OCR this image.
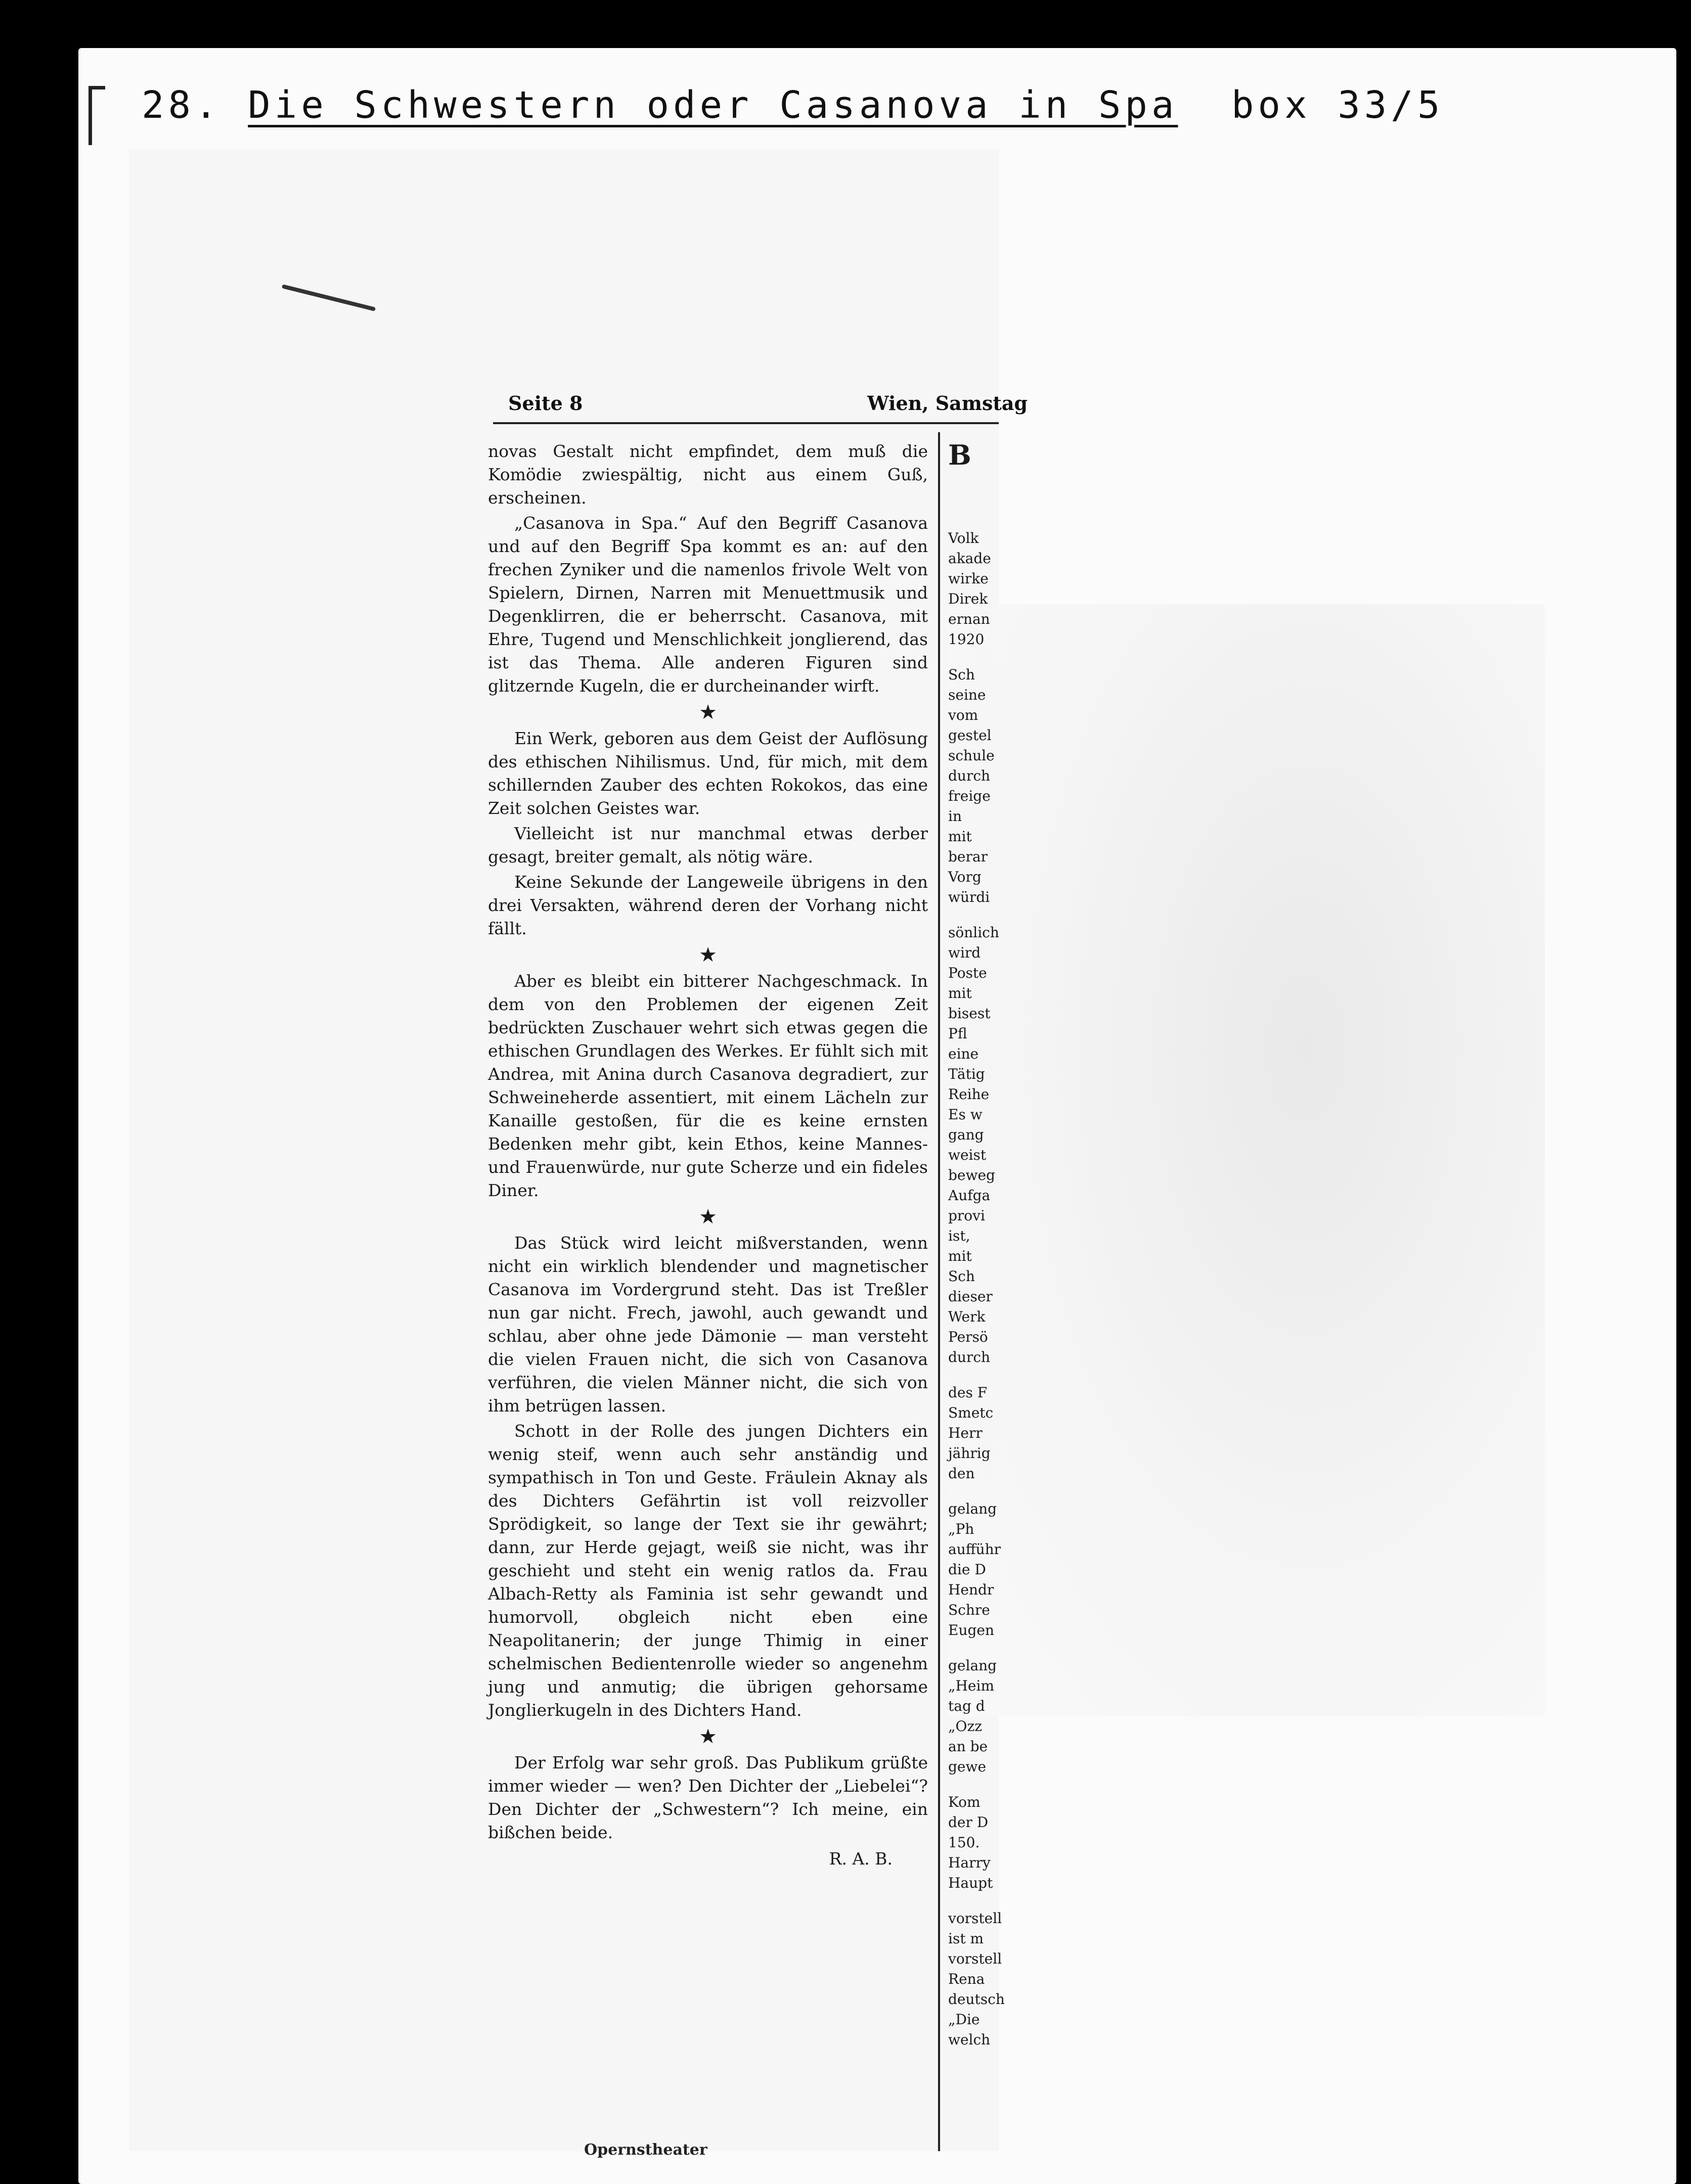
28. Die Schwestern oder Casanova in Spa box 33/5
Seite 8	Wien, Samstag

novas Gestalt nicht empfindet, dem muß die Komödie zwiespältig, nicht aus einem Guß, erscheinen.

„Casanova in Spa.“ Auf den Begriff Casanova und auf den Begriff Spa kommt es an: auf den frechen Zyniker und die namenlos frivole Welt von Spielern, Dirnen, Narren mit Menuettmusik und Degenklirren, die er beherrscht. Casanova, mit Ehre, Tugend und Menschlichkeit jonglierend, das ist das Thema. Alle anderen Figuren sind glitzernde Kugeln, die er durcheinander wirft.

★

Ein Werk, geboren aus dem Geist der Auflösung des ethischen Nihilismus. Und, für mich, mit dem schillernden Zauber des echten Rokokos, das eine Zeit solchen Geistes war.

Vielleicht ist nur manchmal etwas derber gesagt, breiter gemalt, als nötig wäre.

Keine Sekunde der Langeweile übrigens in den drei Versakten, während deren der Vorhang nicht fällt.

★

Aber es bleibt ein bitterer Nachgeschmack. In dem von den Problemen der eigenen Zeit bedrückten Zuschauer wehrt sich etwas gegen die ethischen Grundlagen des Werkes. Er fühlt sich mit Andrea, mit Anina durch Casanova degradiert, zur Schweineherde assentiert, mit einem Lächeln zur Kanaille gestoßen, für die es keine ernsten Bedenken mehr gibt, kein Ethos, keine Mannes- und Frauenwürde, nur gute Scherze und ein fideles Diner.

★

Das Stück wird leicht mißverstanden, wenn nicht ein wirklich blendender und magnetischer Casanova im Vordergrund steht. Das ist Treßler nun gar nicht. Frech, jawohl, auch gewandt und schlau, aber ohne jede Dämonie — man versteht die vielen Frauen nicht, die sich von Casanova verführen, die vielen Männer nicht, die sich von ihm betrügen lassen.

Schott in der Rolle des jungen Dichters ein wenig steif, wenn auch sehr anständig und sympathisch in Ton und Geste. Fräulein Aknay als des Dichters Gefährtin ist voll reizvoller Sprödigkeit, so lange der Text sie ihr gewährt; dann, zur Herde gejagt, weiß sie nicht, was ihr geschieht und steht ein wenig ratlos da. Frau Albach-Retty als Faminia ist sehr gewandt und humorvoll, obgleich nicht eben eine Neapolitanerin; der junge Thimig in einer schelmischen Bedientenrolle wieder so angenehm jung und anmutig; die übrigen gehorsame Jonglierkugeln in des Dichters Hand.

★

Der Erfolg war sehr groß. Das Publikum grüßte immer wieder — wen? Den Dichter der „Liebelei“? Den Dichter der „Schwestern“? Ich meine, ein bißchen beide.

R. A. B.
B
Volk
akade
wirke
Direk
ernan
1920
Sch
seine
vom
gestel
schule
durch
freige
in
mit
berar
Vorg
würdi
sönlich
wird
Poste
mit
bisest
Pfl
eine
Tätig
Reihe
Es w
gang
weist
beweg
Aufga
provi
ist,
mit
Sch
dieser
Werk
Persö
durch
des F
Smetc
Herr
jährig
den
gelang
„Ph
aufführ
die D
Hendr
Schre
Eugen
gelang
„Heim
tag d
„Ozz
an be
gewe
Kom
der D
150.
Harry
Haupt
vorstell
ist m
vorstell
Rena
deutsch
„Die
welch
Opernstheater
